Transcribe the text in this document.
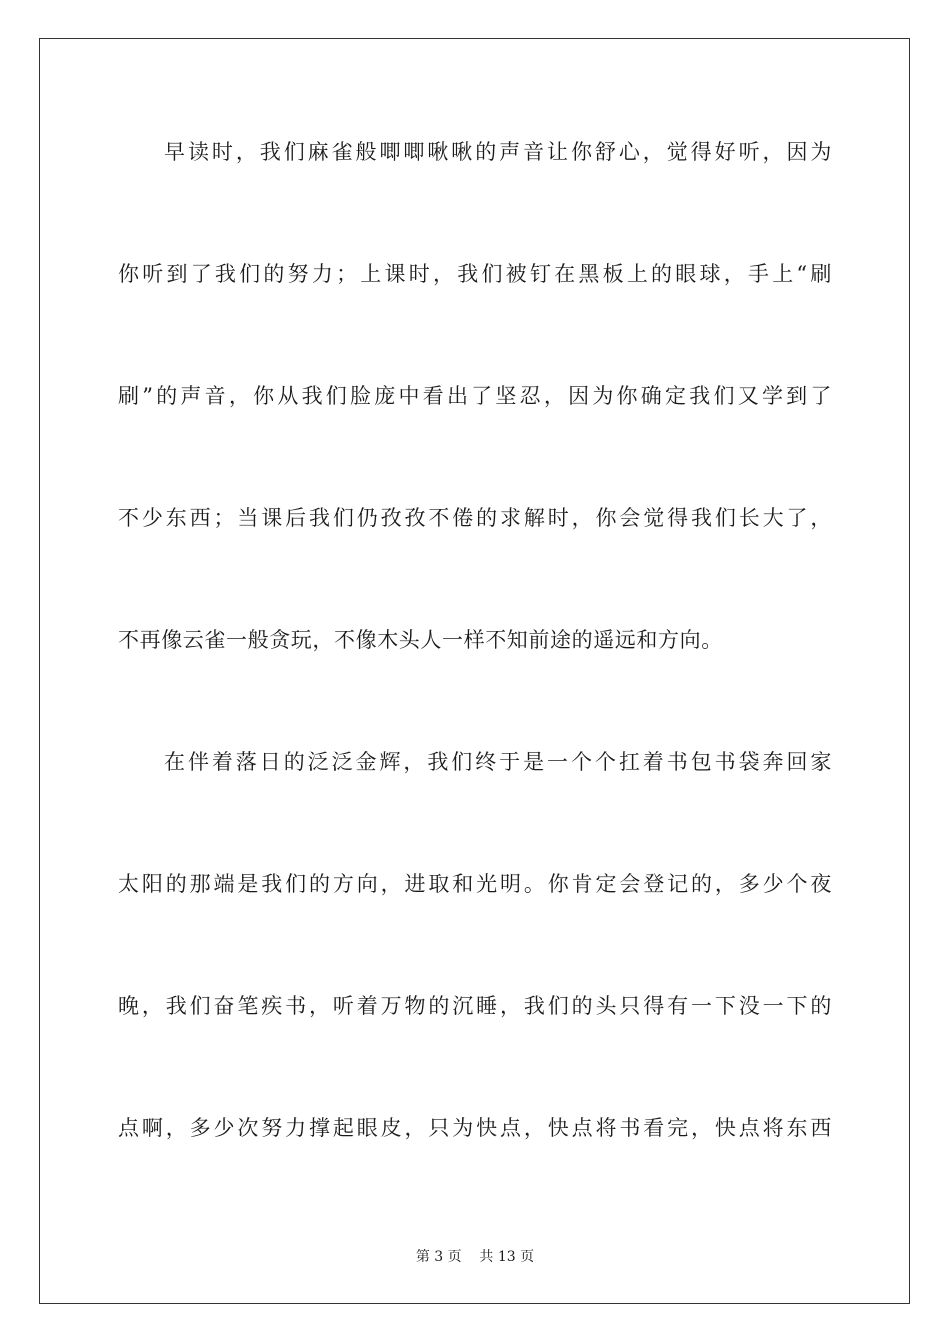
早读时，我们麻雀般唧唧啾啾的声音让你舒心，觉得好听，因为
你听到了我们的努力；上课时，我们被钉在黑板上的眼球，手上“刷
刷”的声音，你从我们脸庞中看出了坚忍，因为你确定我们又学到了
不少东西；当课后我们仍孜孜不倦的求解时，你会觉得我们长大了，
不再像云雀一般贪玩，不像木头人一样不知前途的遥远和方向。
在伴着落日的泛泛金辉，我们终于是一个个扛着书包书袋奔回家
太阳的那端是我们的方向，进取和光明。你肯定会登记的，多少个夜
晚，我们奋笔疾书，听着万物的沉睡，我们的头只得有一下没一下的
点啊，多少次努力撑起眼皮，只为快点，快点将书看完，快点将东西
第 3 页    共 13 页
